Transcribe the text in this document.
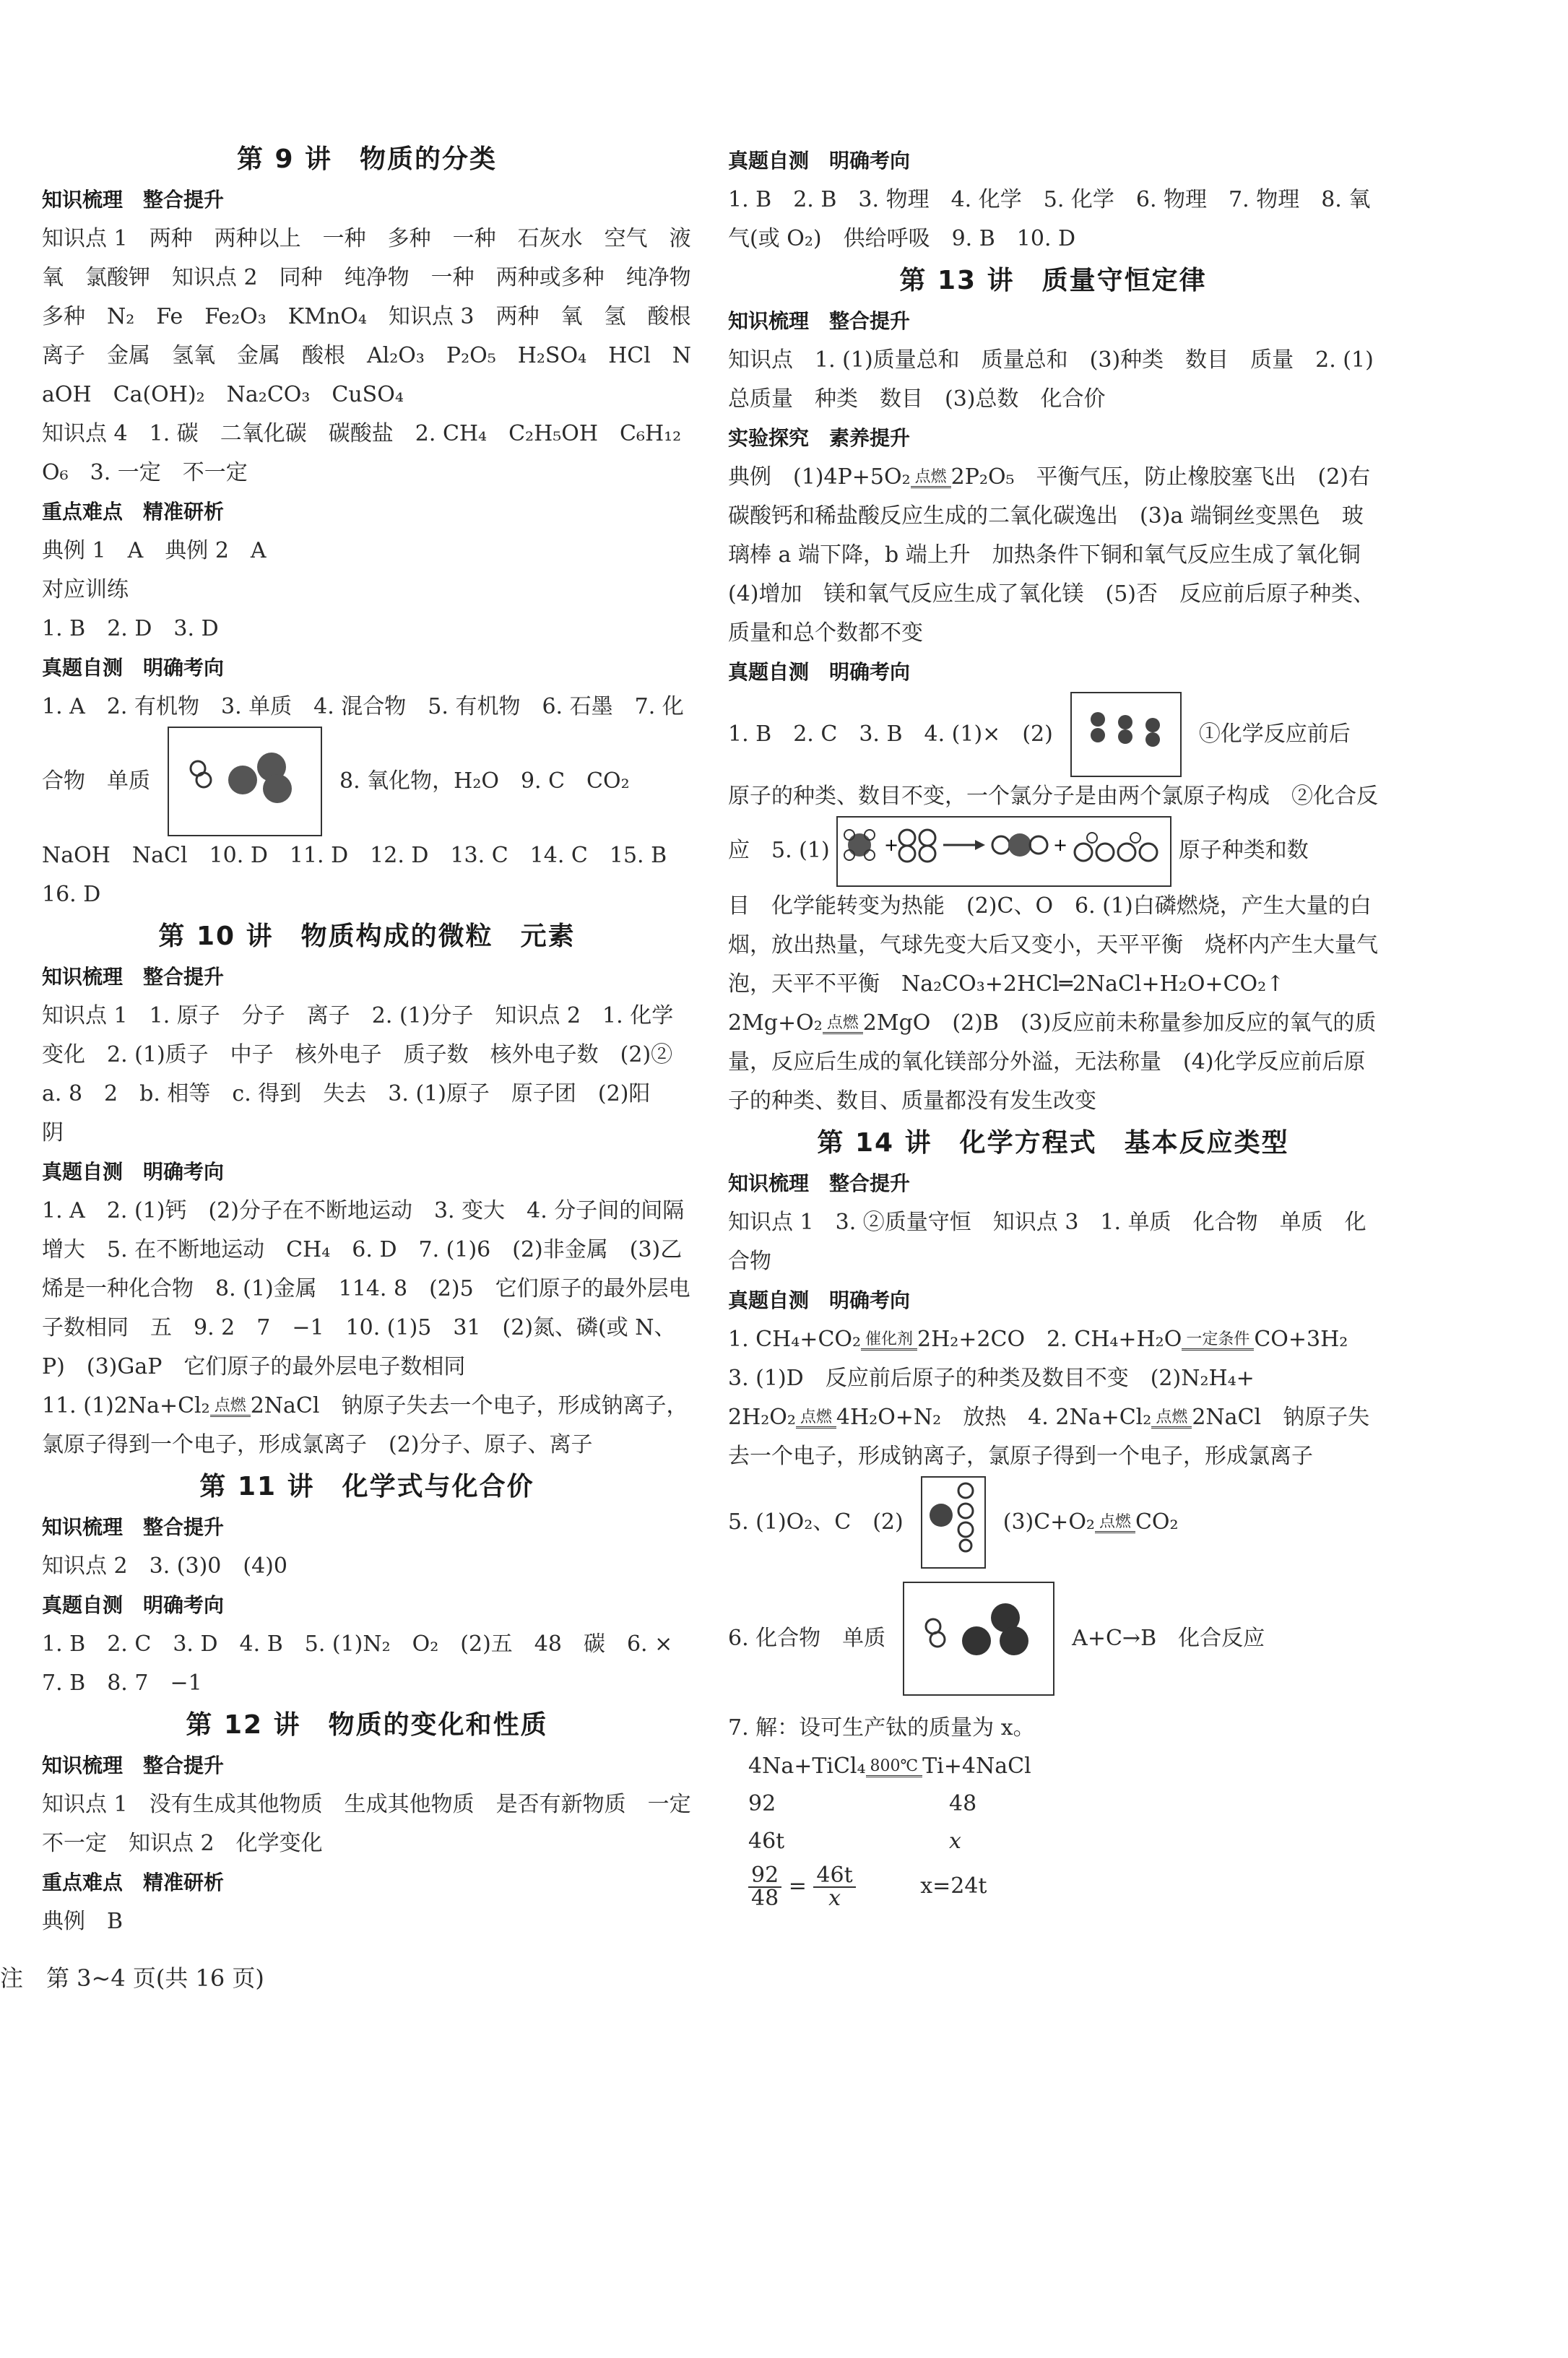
第 9 讲　物质的分类
知识梳理　整合提升
知识点 1　两种　两种以上　一种　多种　一种　石灰水　空气　液氧　氯酸钾　知识点 2　同种　纯净物　一种　两种或多种　纯净物　多种　N₂　Fe　Fe₂O₃　KMnO₄　知识点 3　两种　氧　氢　酸根离子　金属　氢氧　金属　酸根　Al₂O₃　P₂O₅　H₂SO₄　HCl　NaOH　Ca(OH)₂　Na₂CO₃　CuSO₄
知识点 4　1. 碳　二氧化碳　碳酸盐　2. CH₄　C₂H₅OH　C₆H₁₂O₆　3. 一定　不一定
重点难点　精准研析
典例 1　A　典例 2　A
对应训练
1. B　2. D　3. D
真题自测　明确考向
1. A　2. 有机物　3. 单质　4. 混合物　5. 有机物　6. 石墨　7. 化
合物　单质	8. 氧化物，H₂O　9. C　CO₂
NaOH　NaCl　10. D　11. D　12. D　13. C　14. C　15. B　16. D
第 10 讲　物质构成的微粒　元素
知识梳理　整合提升
知识点 1　1. 原子　分子　离子　2. (1)分子　知识点 2　1. 化学变化　2. (1)质子　中子　核外电子　质子数　核外电子数　(2)②a. 8　2　b. 相等　c. 得到　失去　3. (1)原子　原子团　(2)阳　阴
真题自测　明确考向
1. A　2. (1)钙　(2)分子在不断地运动　3. 变大　4. 分子间的间隔增大　5. 在不断地运动　CH₄　6. D　7. (1)6　(2)非金属　(3)乙烯是一种化合物　8. (1)金属　114. 8　(2)5　它们原子的最外层电子数相同　五　9. 2　7　−1　10. (1)5　31　(2)氮、磷(或 N、P)　(3)GaP　它们原子的最外层电子数相同
11. (1)2Na+Cl₂ 点燃 2NaCl　钠原子失去一个电子，形成钠离子，氯原子得到一个电子，形成氯离子　(2)分子、原子、离子
第 11 讲　化学式与化合价
知识梳理　整合提升
知识点 2　3. (3)0　(4)0
真题自测　明确考向
1. B　2. C　3. D　4. B　5. (1)N₂　O₂　(2)五　48　碳　6. ×　7. B　8. 7　−1
第 12 讲　物质的变化和性质
知识梳理　整合提升
知识点 1　没有生成其他物质　生成其他物质　是否有新物质　一定　不一定　知识点 2　化学变化
重点难点　精准研析
典例　B
真题自测　明确考向
1. B　2. B　3. 物理　4. 化学　5. 化学　6. 物理　7. 物理　8. 氧气(或 O₂)　供给呼吸　9. B　10. D
第 13 讲　质量守恒定律
知识梳理　整合提升
知识点　1. (1)质量总和　质量总和　(3)种类　数目　质量　2. (1)总质量　种类　数目　(3)总数　化合价
实验探究　素养提升
典例　(1)4P+5O₂ 点燃 2P₂O₅　平衡气压，防止橡胶塞飞出　(2)右　碳酸钙和稀盐酸反应生成的二氧化碳逸出　(3)a 端铜丝变黑色　玻璃棒 a 端下降，b 端上升　加热条件下铜和氧气反应生成了氧化铜　(4)增加　镁和氧气反应生成了氧化镁　(5)否　反应前后原子种类、质量和总个数都不变
真题自测　明确考向
1. B　2. C　3. B　4. (1)×　(2)	①化学反应前后
原子的种类、数目不变，一个氯分子是由两个氯原子构成　②化合反应　5. (1)	+	+	原子种类和数
目　化学能转变为热能　(2)C、O　6. (1)白磷燃烧，产生大量的白烟，放出热量，气球先变大后又变小，天平平衡　烧杯内产生大量气泡，天平不平衡　Na₂CO₃+2HCl═2NaCl+H₂O+CO₂↑
2Mg+O₂ 点燃 2MgO　(2)B　(3)反应前未称量参加反应的氧气的质量，反应后生成的氧化镁部分外溢，无法称量　(4)化学反应前后原子的种类、数目、质量都没有发生改变
第 14 讲　化学方程式　基本反应类型
知识梳理　整合提升
知识点 1　3. ②质量守恒　知识点 3　1. 单质　化合物　单质　化合物
真题自测　明确考向
1. CH₄+CO₂ 催化剂 2H₂+2CO　2. CH₄+H₂O 一定条件 CO+3H₂　3. (1)D　反应前后原子的种类及数目不变　(2)N₂H₄+
2H₂O₂ 点燃 4H₂O+N₂　放热　4. 2Na+Cl₂ 点燃 2NaCl　钠原子失去一个电子，形成钠离子，氯原子得到一个电子，形成氯离子
5. (1)O₂、C　(2)	(3)C+O₂ 点燃 CO₂
6. 化合物　单质	A+C→B　化合反应
7. 解：设可生产钛的质量为 x。
4Na+TiCl₄ 800℃ Ti+4NaCl
92	48
46t	x
$\frac{92}{48} = \frac{46t}{x}$	x=24t
注　第 3~4 页(共 16 页)
